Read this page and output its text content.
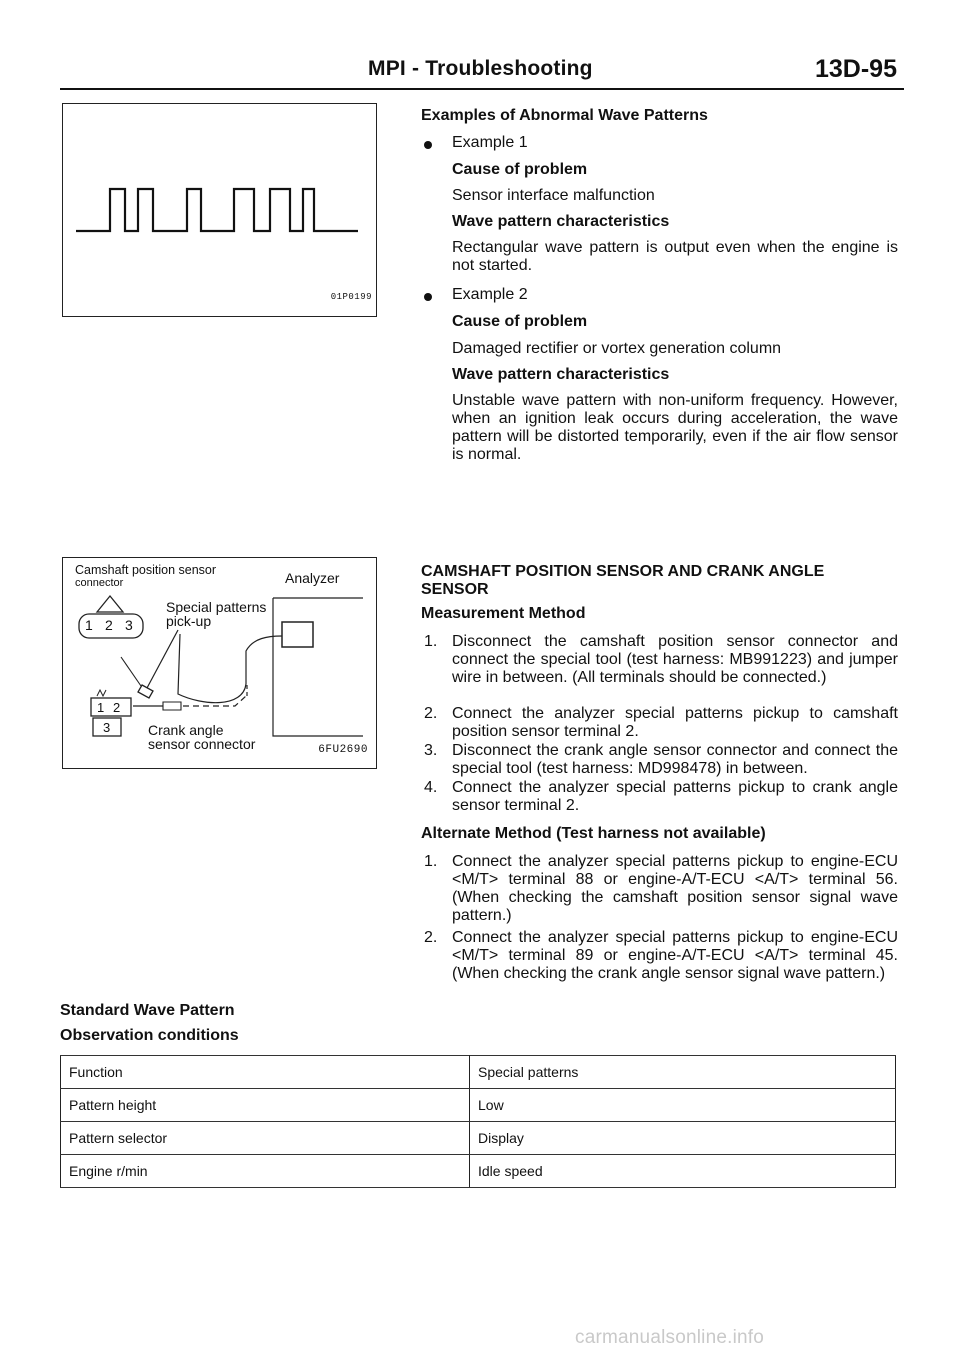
MPI - Troubleshooting	13D-95
01P0199
Camshaft position sensor
connector	Analyzer
Special patterns
pick-up
1 2 3
1 2
3	Crank angle
sensor connector	6FU2690
Examples of Abnormal Wave Patterns
Example 1
Cause of problem
Sensor interface malfunction
Wave pattern characteristics
Rectangular wave pattern is output even when the engine is not started.
Example 2
Cause of problem
Damaged rectifier or vortex generation column
Wave pattern characteristics
Unstable wave pattern with non-uniform frequency. However, when an ignition leak occurs during acceleration, the wave pattern will be distorted temporarily, even if the air flow sensor is normal.
CAMSHAFT POSITION SENSOR AND CRANK ANGLE
SENSOR
Measurement Method
1. Disconnect the camshaft position sensor connector and connect the special tool (test harness: MB991223) and jumper wire in between. (All terminals should be connected.)
2. Connect the analyzer special patterns pickup to camshaft position sensor terminal 2.
3. Disconnect the crank angle sensor connector and connect the special tool (test harness: MD998478) in between.
4. Connect the analyzer special patterns pickup to crank angle sensor terminal 2.
Alternate Method (Test harness not available)
1. Connect the analyzer special patterns pickup to engine-ECU <M/T> terminal 88 or engine-A/T-ECU <A/T> terminal 56. (When checking the camshaft position sensor signal wave pattern.)
2. Connect the analyzer special patterns pickup to engine-ECU <M/T> terminal 89 or engine-A/T-ECU <A/T> terminal 45. (When checking the crank angle sensor signal wave pattern.)
Standard Wave Pattern
Observation conditions
Function	Special patterns
Pattern height	Low
Pattern selector	Display
Engine r/min	Idle speed
carmanualsonline.info
